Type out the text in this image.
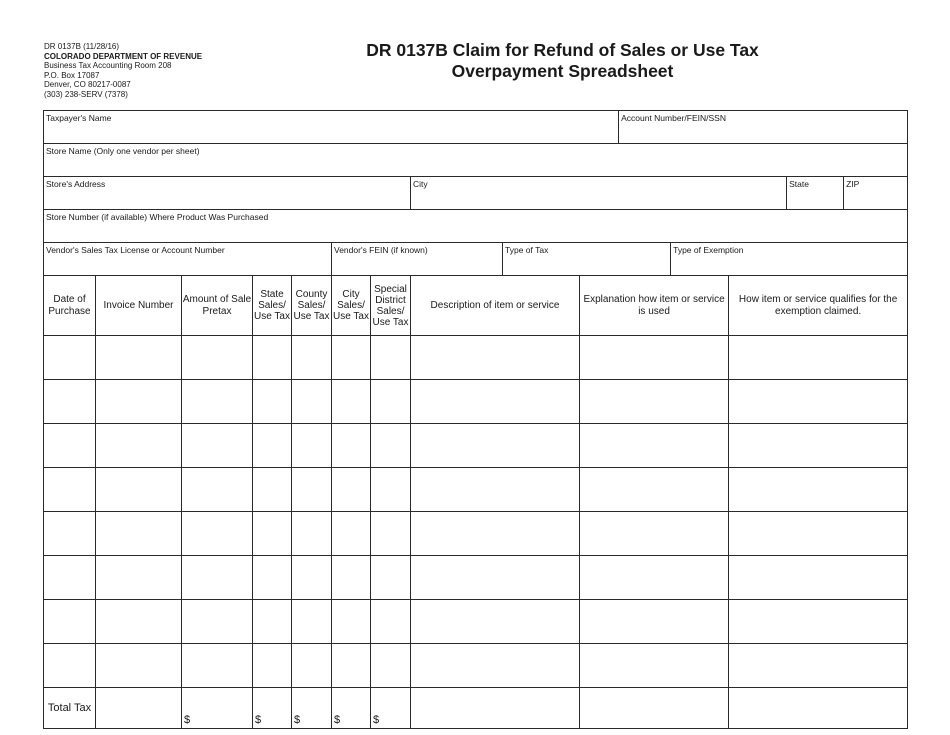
DR 0137B (11/28/16)
COLORADO DEPARTMENT OF REVENUE
Business Tax Accounting Room 208
P.O. Box 17087
Denver, CO 80217-0087
(303) 238-SERV (7378)
DR 0137B Claim for Refund of Sales or Use Tax
Overpayment Spreadsheet
Taxpayer's Name										Account Number/FEIN/SSN				
Store Name (Only one vendor per sheet)														
Store's Address							City						State	ZIP
Store Number (if available) Where Product Was Purchased														
Vendor's Sales Tax License or Account Number					Vendor's FEIN (if known)			Type of Tax			Type of Exemption			
Date of Purchase	Invoice Number	Amount of Sale Pretax	State Sales/ Use Tax	County Sales/ Use Tax	City Sales/ Use Tax	Special District Sales/ Use Tax	Description of item or service		Explanation how item or service is used			How item or service qualifies for the exemption claimed.		

Total Tax		$	$	$	$	$								
